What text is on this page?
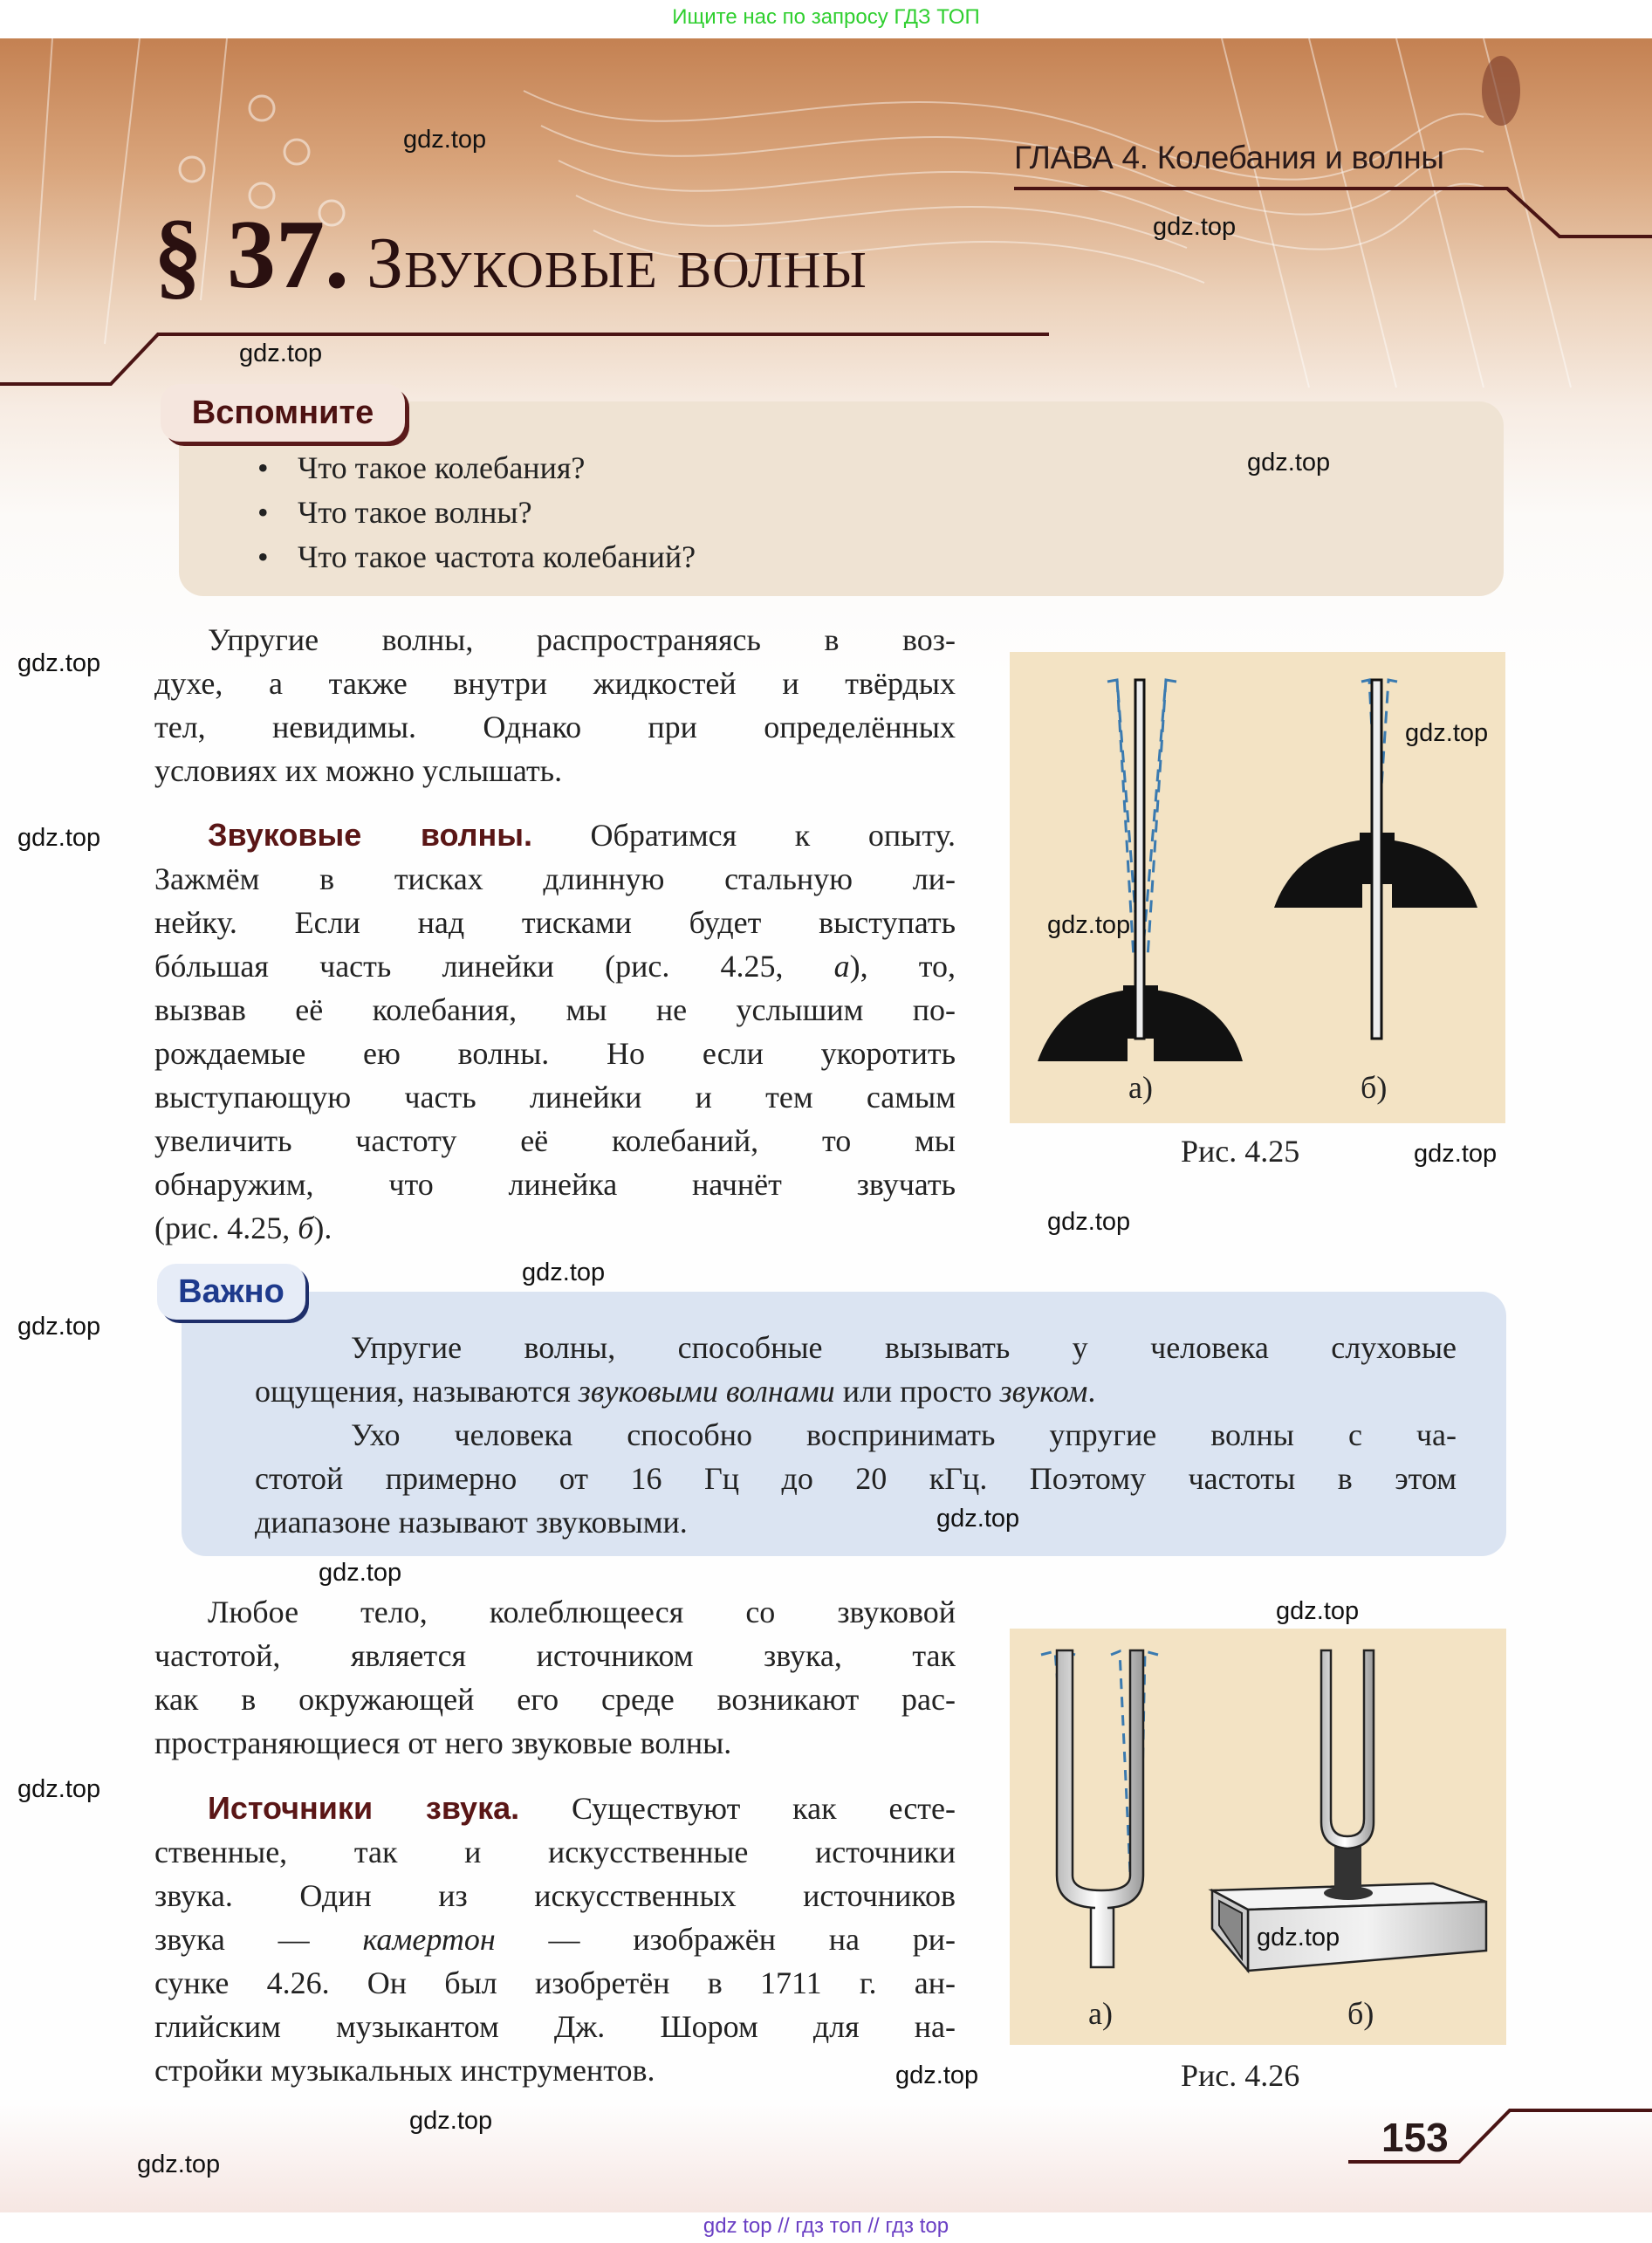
Ищите нас по запросу ГДЗ ТОП
ГЛАВА 4. Колебания и волны
§ 37. Звуковые волны
Вспомните
• Что такое колебания?
• Что такое волны?
• Что такое частота колебаний?
Упругие волны, распространяясь в воз-
духе, а также внутри жидкостей и твёрдых
тел, невидимы. Однако при определённых
условиях их можно услышать.
Звуковые волны. Обратимся к опыту.
Зажмём в тисках длинную стальную ли-
нейку. Если над тисками будет выступать
бóльшая часть линейки (рис. 4.25, а), то,
вызвав её колебания, мы не услышим по-
рождаемые ею волны. Но если укоротить
выступающую часть линейки и тем самым
увеличить частоту её колебаний, то мы
обнаружим, что линейка начнёт звучать
(рис. 4.25, б).
Важно
Упругие волны, способные вызывать у человека слуховые
ощущения, называются звуковыми волнами или просто звуком.
Ухо человека способно воспринимать упругие волны с ча-
стотой примерно от 16 Гц до 20 кГц. Поэтому частоты в этом
диапазоне называют звуковыми.
Любое тело, колеблющееся со звуковой
частотой, является источником звука, так
как в окружающей его среде возникают рас-
пространяющиеся от него звуковые волны.
Источники звука. Существуют как есте-
ственные, так и искусственные источники
звука. Один из искусственных источников
звука — камертон — изображён на ри-
сунке 4.26. Он был изобретён в 1711 г. ан-
глийским музыкантом Дж. Шором для на-
стройки музыкальных инструментов.
а)	б)
Рис. 4.25
а)	б)
Рис. 4.26
153
gdz.top
gdz.top
gdz.top
gdz.top
gdz.top
gdz.top
gdz.top
gdz.top
gdz.top
gdz.top
gdz.top
gdz.top
gdz.top
gdz.top
gdz.top
gdz.top
gdz.top
gdz.top
gdz.top
gdz.top
gdz top // гдз топ // гдз top
